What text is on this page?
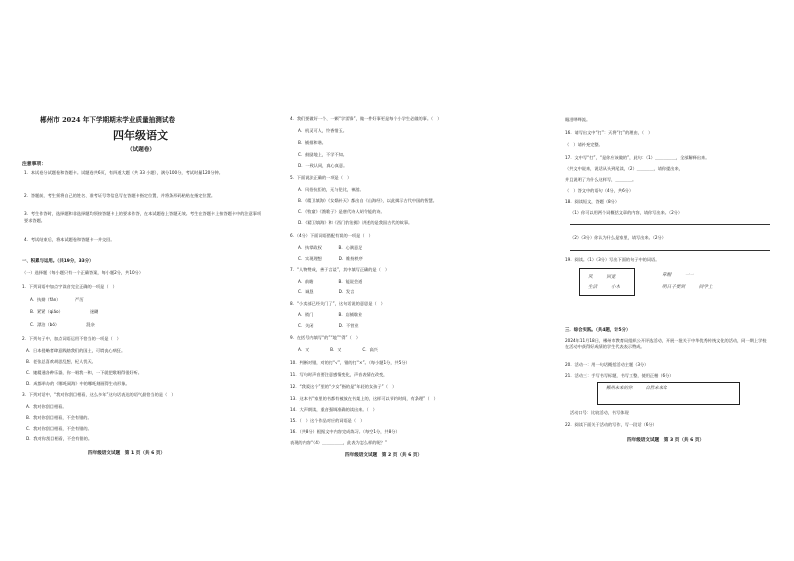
郴州市 2024 年下学期期末学业质量抽测试卷
四年级语文
（试题卷）
注意事项：
1．本试卷分试题卷和答题卡。试题卷共6页，有四道大题（共 33 小题），满分100分，考试时量120分钟。
2．答题前，考生须将自己的姓名、准考证号等信息写在答题卡指定位置，并将条形码粘贴在指定位置。
3．考生作答时，选择题和非选择题均须按答题卡上的要求作答，在本试题卷上答题无效。考生在答题卡上按答题卡中的注意事项要求答题。
4．考试结束后，将本试题卷和答题卡一并交回。
一、积累与运用。（共19分，33分）
（一）选择题（每小题只有一个正确答案，每小题2分，共10分）
1．下列词语中加点字读音完全正确的一项是（　）
A．执拗（fǎn）　　　　严厉
B．紧紧（qiǎo）　　　　　　　迷糊
C．漂泊（bó）　　　　　　　混杂
2．下列句子中，加点词语运用不恰当的一项是（　）
A．日本侵略者肆意践踏我们的国土，可谓丧心病狂。
B．老张总喜欢胡思乱想，杞人忧天。
C．她精通各种乐器，你一唱我一和，一下就把歌唱得很好听。
D．成都举办的《哪吒闹海》中的哪吒刻画得生动形象。
3．下列对话中，“我对你刮目相看，这么多年”这句话表达的语气最恰当的是（　）
A．我对你刮目相看。
B．我对你刮目相看，不会有错的。
C．我对你刮目相看，不会有错的。
D．我对你刮目相看，不会有错的。
四年级语文试题　第 1 页（共 6 页）
4．我们要做好一个、一颗“学雷锋”，做一件好事更是每个小学生必做的事。（　）
A．机灵可人，怜香惜玉。
B．铺排和谐。
C．鼓励地上，不学不知。
D．一致认同，真心真意。
5．下面说法正确的一项是（　）
A．风俗抗拒的，无与伦比，神游。
B．《精卫填海》《女娲补天》都出自《山海经》，以此揭示古代中国的智慧。
C．《牧童》《渔歌子》是唐代诗人胡令能的诗。
D．《精卫填海》和《西门豹治邺》讲述的是我国古代的故事。
6．（4分）下面词语搭配有误的一项是（　）
A．执掌政权　　　　B．心满意足
C．实现理想　　　　D．维持秩序
7．“人物赞成，善于言谈”，其中填写正确的是（　）
A．前瞻　　　　　　B．能说会道
C．诚恳　　　　　　D．发言
8．“小卖部已经关门了”，这句话说的意思是（　）
A．锁门　　　　　　B．店铺歇业
C．关闭　　　　　　D．不营业
9．在括号内填写“的”“地”“得”（　）
A．又　　　　　B．又　　　　　C．高兴
10．判断对错，对的打“√”，错的打“×”。（每小题1分，共5分）
11．写句时声音要注意感情变化，声音表情在改变，
12．“我爱这个”里的“少女”指的是“年轻的女孩子”（　）
13．这本书“家里的书都有被放在书架上的，这样可以节约时间，有条理”（　）
14．大声朗读，重音强调准确的读出来。（　）
15．（　）这个作品对应的词语是（　）
16．（共8分）根据文中内容完成练习。（每空1分，共8分）
表现的内容“（4）＿＿＿＿＿，此表为怎么样的呢？”
四年级语文试题　第 2 页（共 6 页）
眼泪哗哗流。
16．请写出文中“打”：天将“打”的理由，（　）
（　）请补充完整。
17．文中写“打”，“是你应该做的”，此句：（1）＿＿＿＿＿，全部解释出来。
（共文中说来，说话从头到尾读，（2）＿＿＿＿，请你提出来，
并且说明了为什么这样写，＿＿＿＿。
（　）答文中的语句（4分，共6分）
18．阅读短文，答题（8分）
（1）你可以用两个词概括文章的内容，请你写出来。（2分）
（2）（3分）你认为什么是家里，请写出来。（2分）
19．阅读。（1）（3分）写出下面的句子中的词语。
风　　　回宽
生活　　　小木
草帽　　　一一
明日子要到　　　同学上
三．综合实践。（共4题，计5分）
2024年11月18日，郴州市教育局组织公开评选活动，开展一批关于中华优秀传统文化的活动，同一期上学校在活动中获得好成绩的学生代表表示赞成。
20．活动一：用一句话概括活动主题（3分）
21．活动三：手写书写标题，书写工整，使用正楷（6分）
郴州未来的你　　　自然未来年
活动口号：比较活动，书写体现
22．阅读下面关于活动的写作，写一段话（6分）
四年级语文试题　第 3 页（共 6 页）
